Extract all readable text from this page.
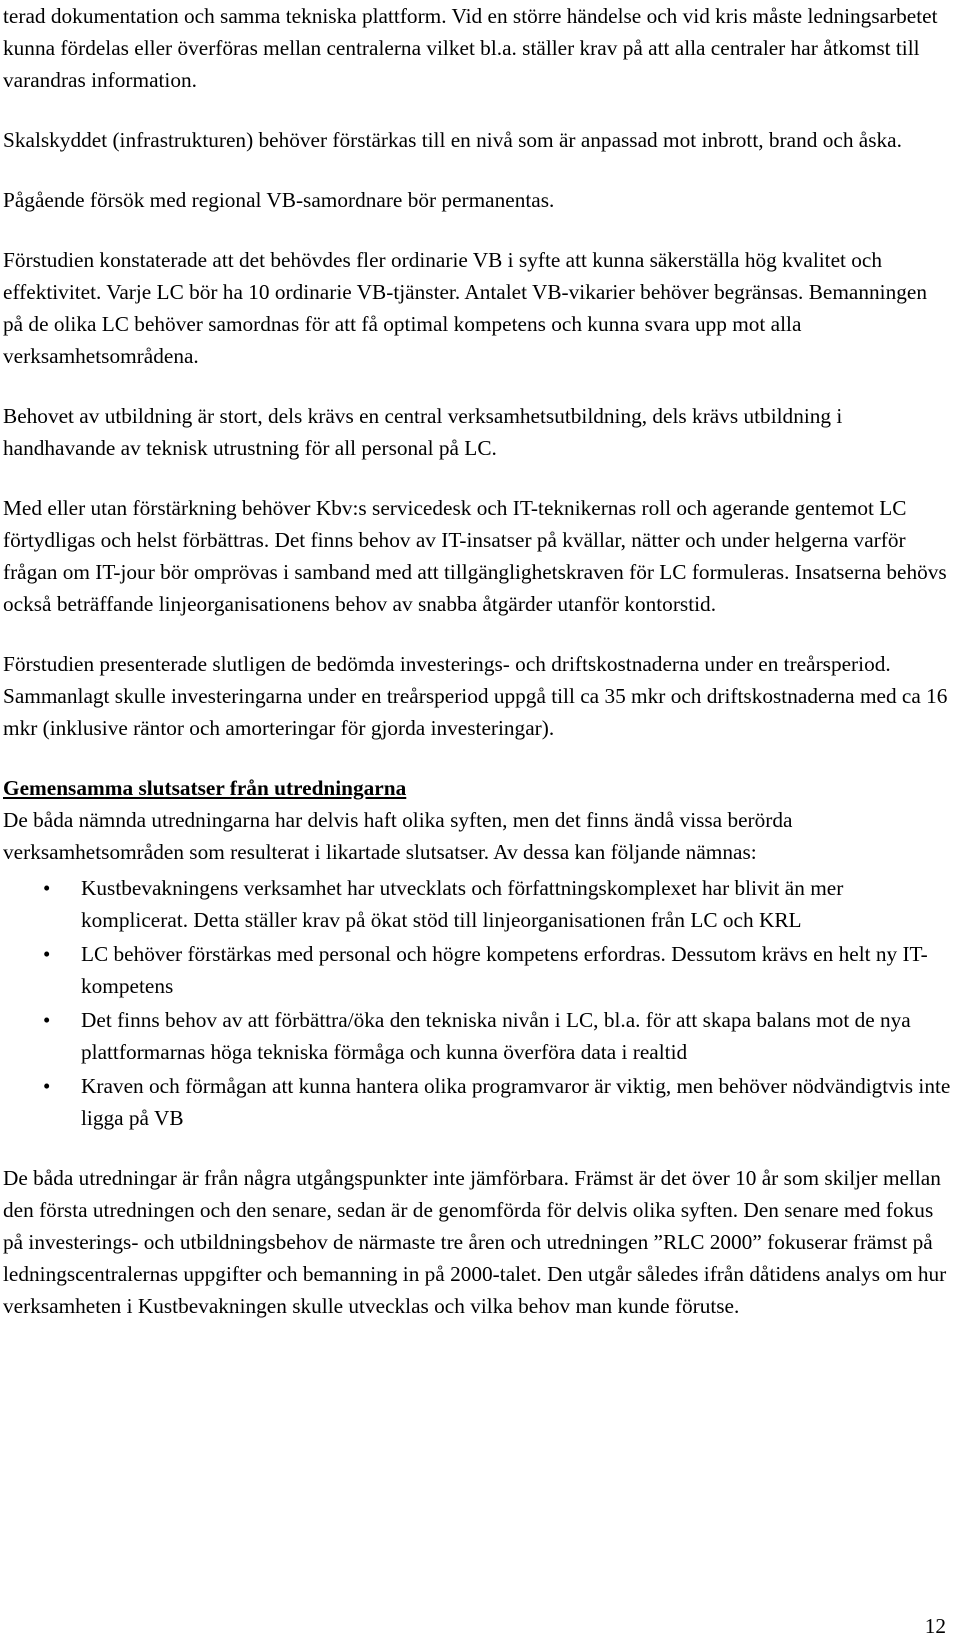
terad dokumentation och samma tekniska plattform. Vid en större händelse och vid kris måste ledningsarbetet kunna fördelas eller överföras mellan centralerna vilket bl.a. ställer krav på att alla centraler har åtkomst till varandras information.

Skalskyddet (infrastrukturen) behöver förstärkas till en nivå som är anpassad mot inbrott, brand och åska.

Pågående försök med regional VB-samordnare bör permanentas.

Förstudien konstaterade att det behövdes fler ordinarie VB i syfte att kunna säkerställa hög kvalitet och effektivitet. Varje LC bör ha 10 ordinarie VB-tjänster. Antalet VB-vikarier behöver begränsas. Bemanningen på de olika LC behöver samordnas för att få optimal kompetens och kunna svara upp mot alla verksamhetsområdena.

Behovet av utbildning är stort, dels krävs en central verksamhetsutbildning, dels krävs utbildning i handhavande av teknisk utrustning för all personal på LC.

Med eller utan förstärkning behöver Kbv:s servicedesk och IT-teknikernas roll och agerande gentemot LC förtydligas och helst förbättras. Det finns behov av IT-insatser på kvällar, nätter och under helgerna varför frågan om IT-jour bör omprövas i samband med att tillgänglighetskraven för LC formuleras. Insatserna behövs också beträffande linjeorganisationens behov av snabba åtgärder utanför kontorstid.

Förstudien presenterade slutligen de bedömda investerings- och driftskostnaderna under en treårsperiod. Sammanlagt skulle investeringarna under en treårsperiod uppgå till ca 35 mkr och driftskostnaderna med ca 16 mkr (inklusive räntor och amorteringar för gjorda investeringar).

Gemensamma slutsatser från utredningarna

De båda nämnda utredningarna har delvis haft olika syften, men det finns ändå vissa berörda verksamhetsområden som resulterat i likartade slutsatser. Av dessa kan följande nämnas:

• Kustbevakningens verksamhet har utvecklats och författningskomplexet har blivit än mer komplicerat. Detta ställer krav på ökat stöd till linjeorganisationen från LC och KRL
• LC behöver förstärkas med personal och högre kompetens erfordras. Dessutom krävs en helt ny IT-kompetens
• Det finns behov av att förbättra/öka den tekniska nivån i LC, bl.a. för att skapa balans mot de nya plattformarnas höga tekniska förmåga och kunna överföra data i realtid
• Kraven och förmågan att kunna hantera olika programvaror är viktig, men behöver nödvändigtvis inte ligga på VB

De båda utredningar är från några utgångspunkter inte jämförbara. Främst är det över 10 år som skiljer mellan den första utredningen och den senare, sedan är de genomförda för delvis olika syften. Den senare med fokus på investerings- och utbildningsbehov de närmaste tre åren och utredningen ”RLC 2000” fokuserar främst på ledningscentralernas uppgifter och bemanning in på 2000-talet. Den utgår således ifrån dåtidens analys om hur verksamheten i Kustbevakningen skulle utvecklas och vilka behov man kunde förutse.

12
